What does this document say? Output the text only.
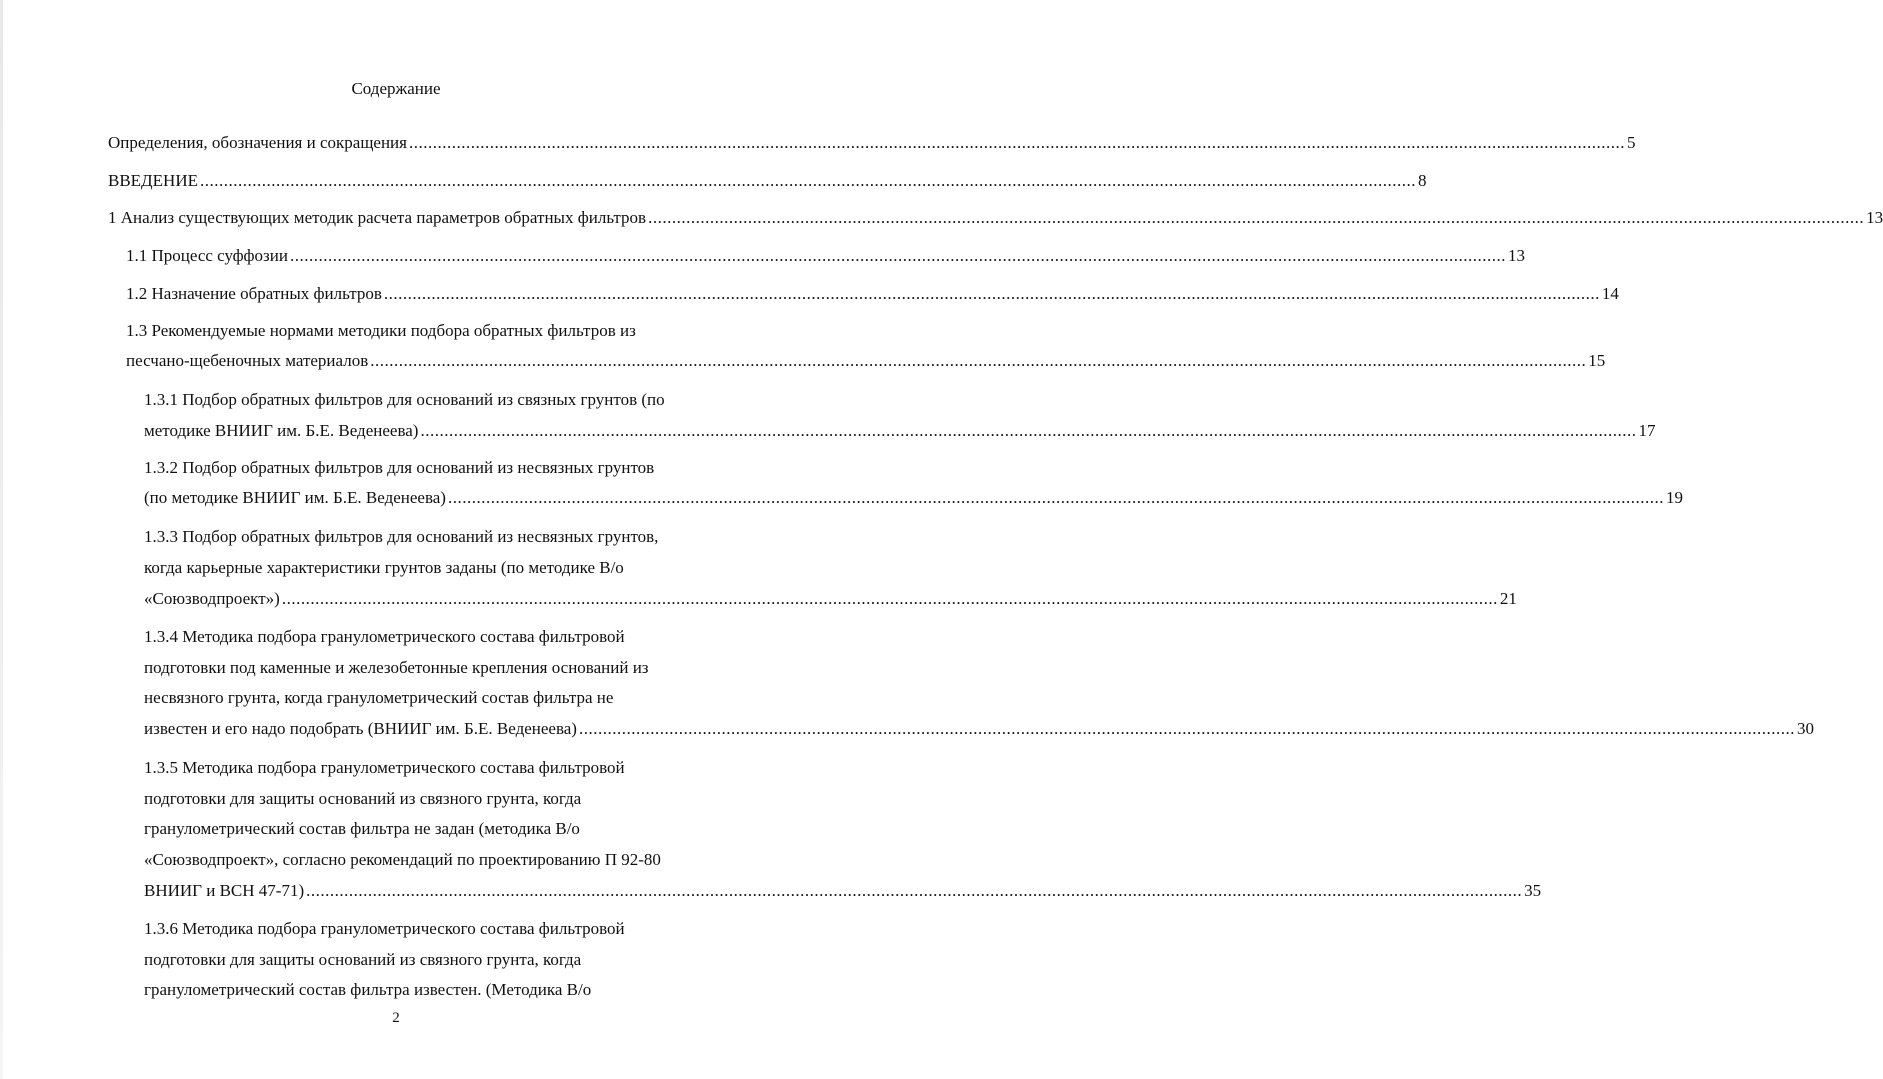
Содержание
Определения, обозначения и сокращения ................................................................................................................................................................................................................................................................ 5
ВВЕДЕНИЕ ................................................................................................................................................................................................................................................................ 8
1 Анализ существующих методик расчета параметров обратных фильтров ................................................................................................................................................................................................................................................................ 13
1.1 Процесс суффозии ................................................................................................................................................................................................................................................................ 13
1.2 Назначение обратных фильтров ................................................................................................................................................................................................................................................................ 14
1.3 Рекомендуемые нормами методики подбора обратных фильтров из
песчано-щебеночных материалов ................................................................................................................................................................................................................................................................ 15
1.3.1 Подбор обратных фильтров для оснований из связных грунтов (по
методике ВНИИГ им. Б.Е. Веденеева) ................................................................................................................................................................................................................................................................ 17
1.3.2 Подбор обратных фильтров для оснований из несвязных грунтов
(по методике ВНИИГ им. Б.Е. Веденеева) ................................................................................................................................................................................................................................................................ 19
1.3.3 Подбор обратных фильтров для оснований из несвязных грунтов,
когда карьерные характеристики грунтов заданы (по методике В/о
«Союзводпроект») ................................................................................................................................................................................................................................................................ 21
1.3.4 Методика подбора гранулометрического состава фильтровой
подготовки под каменные и железобетонные крепления оснований из
несвязного грунта, когда гранулометрический состав фильтра не
известен и его надо подобрать (ВНИИГ им. Б.Е. Веденеева) ................................................................................................................................................................................................................................................................ 30
1.3.5 Методика подбора гранулометрического состава фильтровой
подготовки для защиты оснований из связного грунта, когда
гранулометрический состав фильтра не задан (методика В/о
«Союзводпроект», согласно рекомендаций по проектированию П 92-80
ВНИИГ и ВСН 47-71) ................................................................................................................................................................................................................................................................ 35
1.3.6 Методика подбора гранулометрического состава фильтровой
подготовки для защиты оснований из связного грунта, когда
гранулометрический состав фильтра известен. (Методика В/о
2
